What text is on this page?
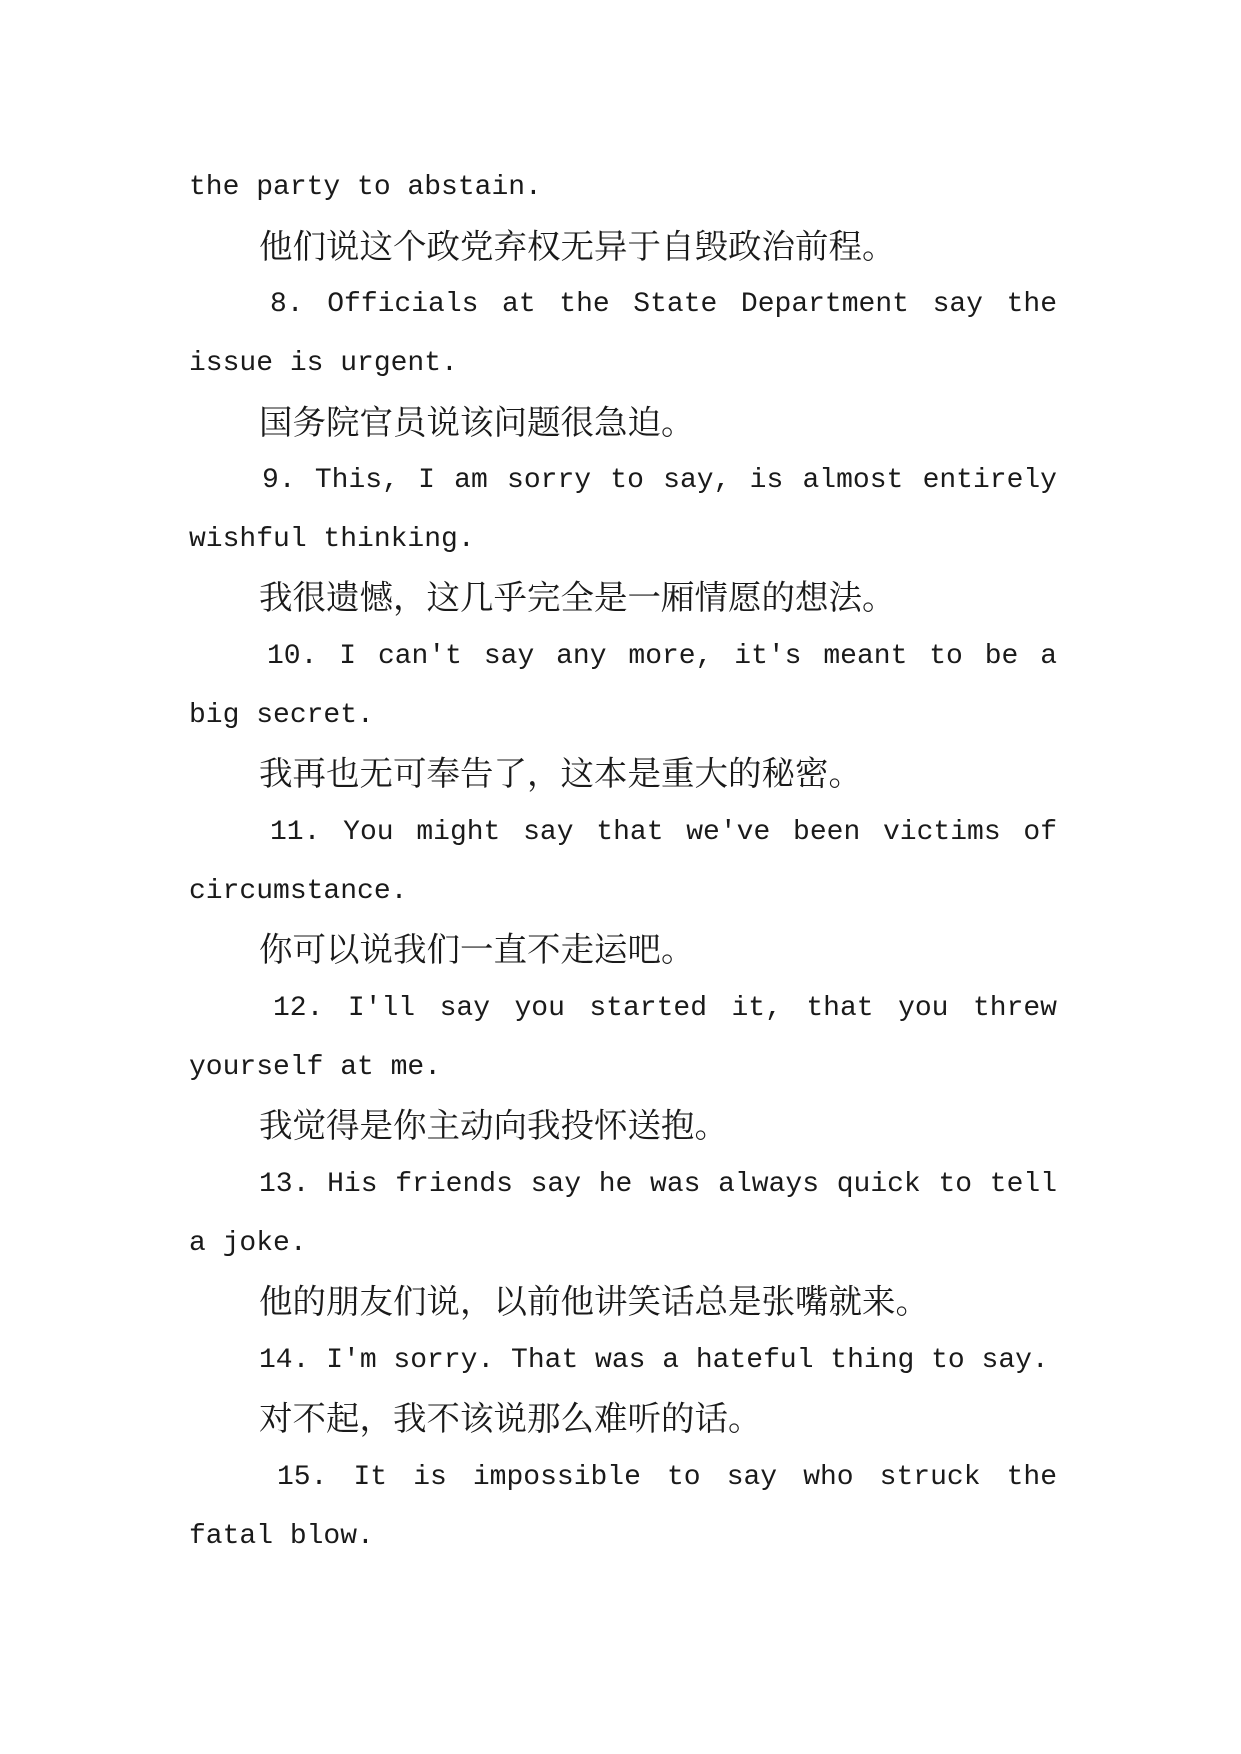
the party to abstain.
他们说这个政党弃权无异于自毁政治前程。
8. Officials at the State Department say the
issue is urgent.
国务院官员说该问题很急迫。
9. This, I am sorry to say, is almost entirely
wishful thinking.
我很遗憾，这几乎完全是一厢情愿的想法。
10. I can't say any more, it's meant to be a
big secret.
我再也无可奉告了，这本是重大的秘密。
11. You might say that we've been victims of
circumstance.
你可以说我们一直不走运吧。
12. I'll say you started it, that you threw
yourself at me.
我觉得是你主动向我投怀送抱。
13. His friends say he was always quick to tell
a joke.
他的朋友们说，以前他讲笑话总是张嘴就来。
14. I'm sorry. That was a hateful thing to say.
对不起，我不该说那么难听的话。
15. It is impossible to say who struck the
fatal blow.
